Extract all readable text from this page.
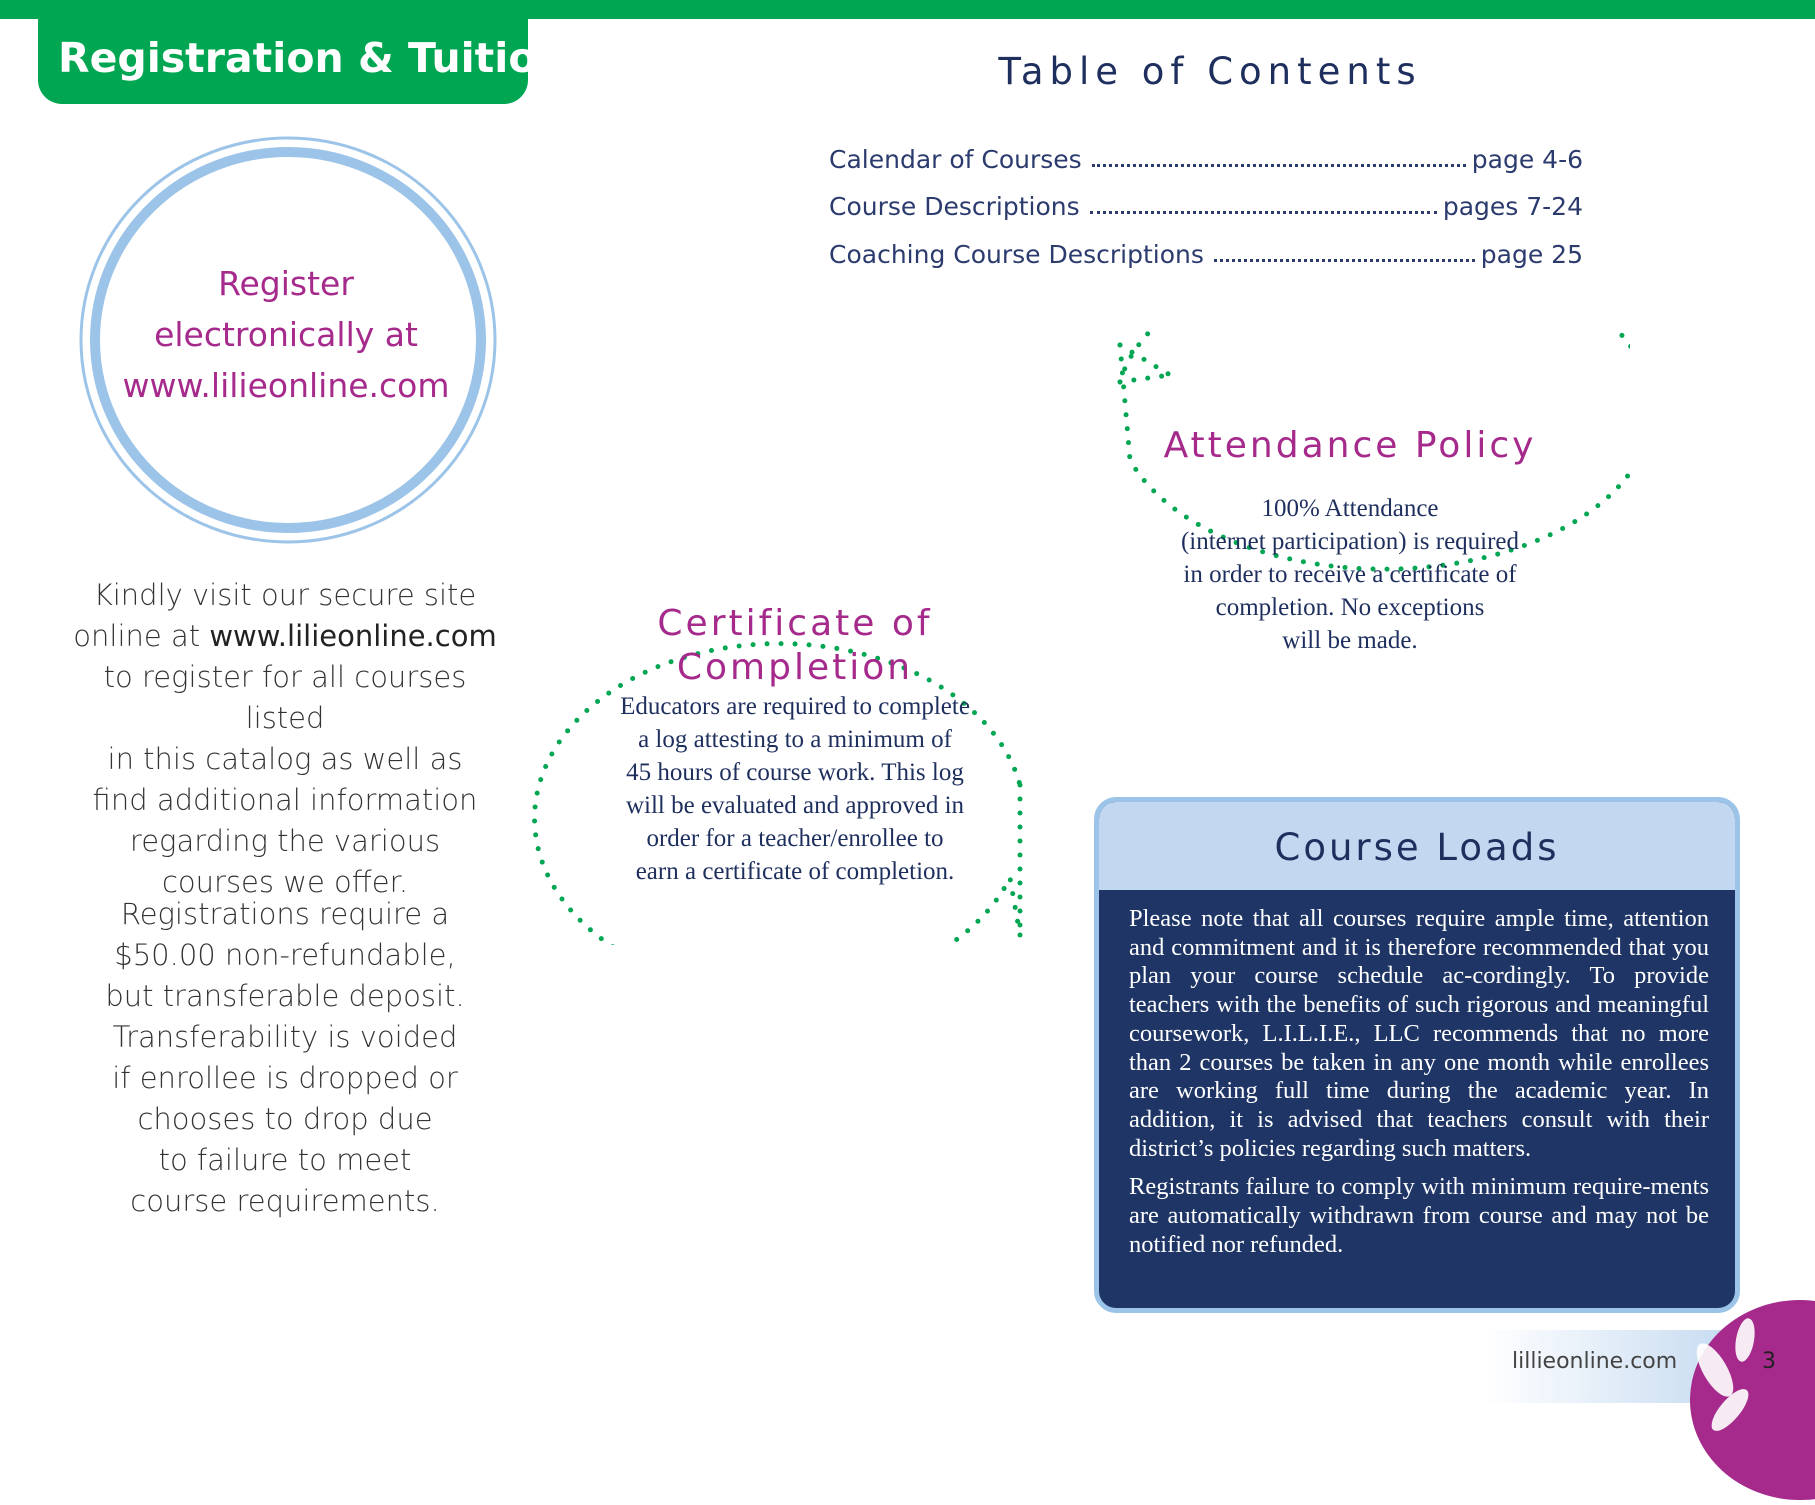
Registration & Tuition	Table of Contents
Calendar of Courses	page 4-6
Course Descriptions	pages 7-24
Coaching Course Descriptions	page 25
Register
electronically at
www.lilieonline.com
Kindly visit our secure site
online at www.lilieonline.com
to register for all courses listed
in this catalog as well as
find additional information
regarding the various
courses we offer.
Registrations require a
$50.00 non-refundable,
but transferable deposit.
Transferability is voided
if enrollee is dropped or
chooses to drop due
to failure to meet
course requirements.
Certificate of
Completion
Educators are required to complete
a log attesting to a minimum of
45 hours of course work. This log
will be evaluated and approved in
order for a teacher/enrollee to
earn a certificate of completion.
Attendance Policy
100% Attendance
(internet participation) is required
in order to receive a certificate of
completion. No exceptions
will be made.
Course Loads

Please note that all courses require ample time, attention and commitment and it is therefore recommended that you plan your course schedule ac-cordingly. To provide teachers with the benefits of such rigorous and meaningful coursework, L.I.L.I.E., LLC recommends that no more than 2 courses be taken in any one month while enrollees are working full time during the academic year. In addition, it is advised that teachers consult with their district’s policies regarding such matters.

Registrants failure to comply with minimum require-ments are automatically withdrawn from course and may not be notified nor refunded.

lillieonline.com	3
